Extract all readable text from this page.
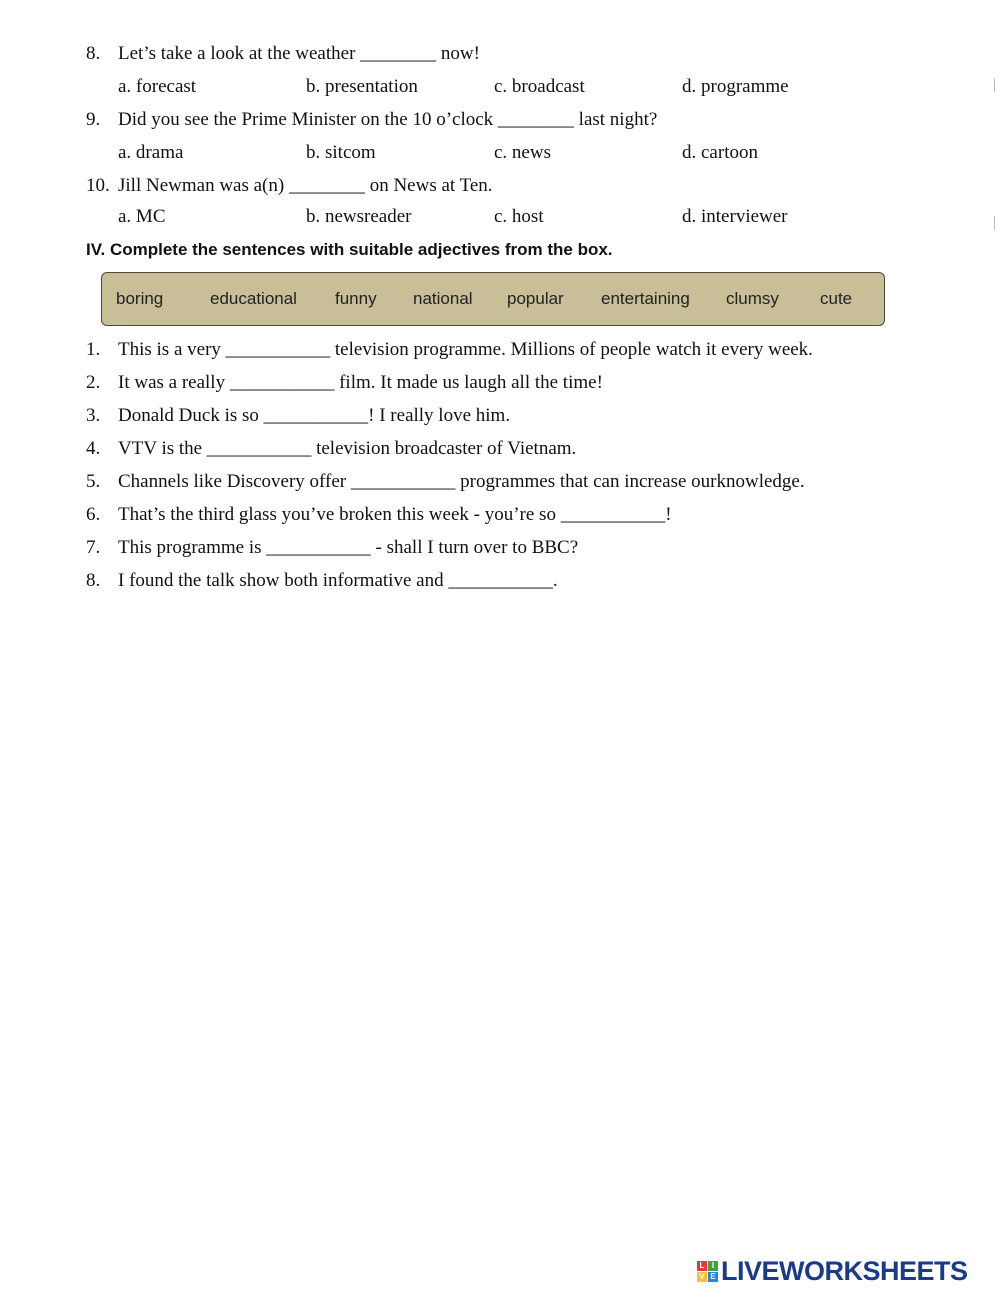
8. Let’s take a look at the weather ________ now!
a. forecast	b. presentation	c. broadcast	d. programme
9. Did you see the Prime Minister on the 10 o’clock ________ last night?
a. drama	b. sitcom	c. news	d. cartoon
10. Jill Newman was a(n) ________ on News at Ten.
a. MC	b. newsreader	c. host	d. interviewer
IV. Complete the sentences with suitable adjectives from the box.
boring	educational funny national popular entertaining clumsy cute
1. This is a very ___________ television programme. Millions of people watch it every week.
2. It was a really ___________ film. It made us laugh all the time!
3. Donald Duck is so ___________! I really love him.
4. VTV is the ___________ television broadcaster of Vietnam.
5. Channels like Discovery offer ___________ programmes that can increase ourknowledge.
6. That’s the third glass you’ve broken this week - you’re so ___________!
7. This programme is ___________ - shall I turn over to BBC?
8. I found the talk show both informative and ___________.
L I
V E LIVEWORKSHEETS
